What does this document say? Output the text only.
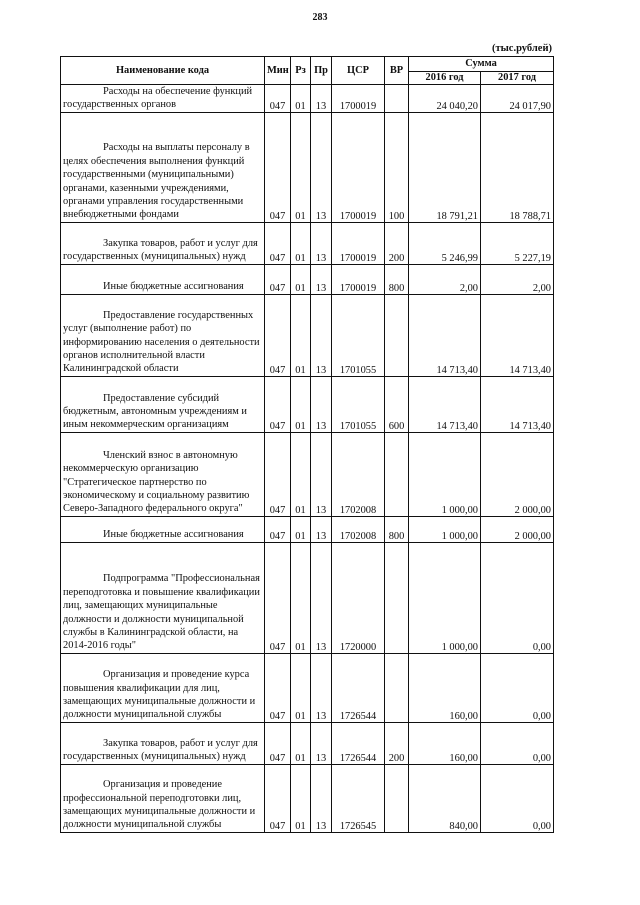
283
(тыс.рублей)
Наименование кода	Мин	Рз	Пр	ЦСР	ВР	Сумма	
						2016 год	2017 год
Расходы на обеспечение функций государственных органов	047	01	13	1700019		24 040,20	24 017,90
Расходы на выплаты персоналу в целях обеспечения выполнения функций государственными (муниципальными) органами, казенными учреждениями, органами управления государственными внебюджетными фондами	047	01	13	1700019	100	18 791,21	18 788,71
Закупка товаров, работ и услуг для государственных (муниципальных) нужд	047	01	13	1700019	200	5 246,99	5 227,19
Иные бюджетные ассигнования	047	01	13	1700019	800	2,00	2,00
Предоставление государственных услуг (выполнение работ) по информированию населения о деятельности органов исполнительной власти Калининградской области	047	01	13	1701055		14 713,40	14 713,40
Предоставление субсидий бюджетным, автономным учреждениям и иным некоммерческим организациям	047	01	13	1701055	600	14 713,40	14 713,40
Членский взнос в автономную некоммерческую организацию "Стратегическое партнерство по экономическому и социальному развитию Северо-Западного федерального округа"	047	01	13	1702008		1 000,00	2 000,00
Иные бюджетные ассигнования	047	01	13	1702008	800	1 000,00	2 000,00
Подпрограмма "Профессиональная переподготовка и повышение квалификации лиц, замещающих муниципальные должности и должности муниципальной службы в Калининградской области, на 2014-2016 годы"	047	01	13	1720000		1 000,00	0,00
Организация и проведение курса повышения квалификации для лиц, замещающих муниципальные должности и должности муниципальной службы	047	01	13	1726544		160,00	0,00
Закупка товаров, работ и услуг для государственных (муниципальных) нужд	047	01	13	1726544	200	160,00	0,00
Организация и проведение профессиональной переподготовки лиц, замещающих муниципальные должности и должности муниципальной службы	047	01	13	1726545		840,00	0,00
